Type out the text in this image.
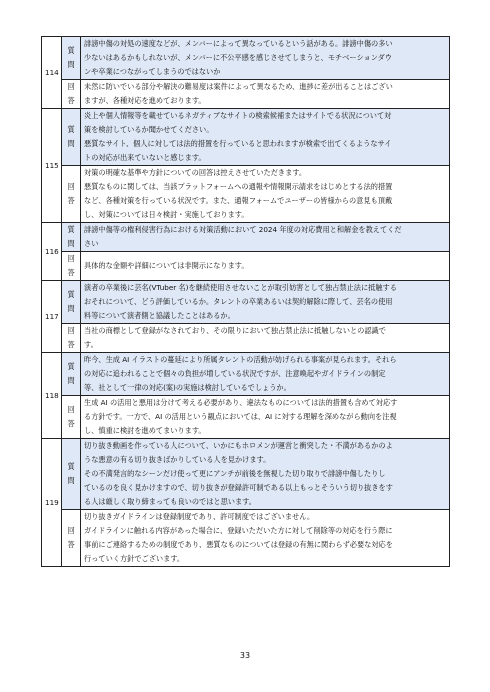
114	質問	誹謗中傷の対処の速度などが、メンバーによって異なっているという話がある。誹謗中傷の多い
少ないはあるかもしれないが、メンバーに不公平感を感じさせてしまうと、モチベーションダウ
ンや卒業につながってしまうのではないか

	回答	未然に防いでいる部分や解決の難易度は案件によって異なるため、進捗に差が出ることはござい
ますが、各種対応を進めております。

115	質問	炎上や個人情報等を載せているネガティブなサイトの検索候補またはサイトでる状況について対
策を検討しているか聞かせてください。
悪質なサイト、個人に対しては法的措置を行っていると思われますが検索で出てくるようなサイ
トの対応が出来ていないと感じます。

	回答	対策の明確な基準や方針についての回答は控えさせていただきます。
悪質なものに関しては、当該プラットフォームへの通報や情報開示請求をはじめとする法的措置
など、各種対策を行っている状況です。また、通報フォームでユーザーの皆様からの意見も頂戴
し、対策については日々検討・実施しております。

116	質問	誹謗中傷等の権利侵害行為における対策活動において 2024 年度の対応費用と和解金を教えてくだ
さい

	回答	具体的な金額や詳細については非開示になります。

117	質問	演者の卒業後に芸名(VTuber 名)を継続使用させないことが取引妨害として独占禁止法に抵触する
おそれについて、どう評価しているか。タレントの卒業あるいは契約解除に際して、芸名の使用
料等について演者側と協議したことはあるか。

	回答	当社の商標として登録がなされており、その限りにおいて独占禁止法に抵触しないとの認識で
す。

118	質問	昨今、生成 AI イラストの蔓延により所属タレントの活動が妨げられる事案が見られます。それら
の対応に追われることで個々の負担が増している状況ですが、注意喚起やガイドラインの制定
等、社として一律の対応(案)の実施は検討しているでしょうか。

	回答	生成 AI の活用と悪用は分けて考える必要があり、違法なものについては法的措置も含めて対応す
る方針です。一方で、AI の活用という観点においては、AI に対する理解を深めながら動向を注視
し、慎重に検討を進めてまいります。

119	質問	切り抜き動画を作っている人について、いかにもホロメンが運営と衝突した・不満があるかのよ
うな悪意の有る切り抜きばかりしている人を見かけます。
その不満発言的なシーンだけ使って更にアンチが前後を無視した切り取りで誹謗中傷したりし
ているのを良く見かけますので、切り抜きが登録許可制である以上もっとそういう切り抜きをす
る人は厳しく取り締まっても良いのではと思います。

	回答	切り抜きガイドラインは登録制度であり、許可制度ではございません。
ガイドラインに触れる内容があった場合に、登録いただいた方に対して削除等の対応を行う際に
事前にご連絡するための制度であり、悪質なものについては登録の有無に関わらず必要な対応を
行っていく方針でございます。
33
